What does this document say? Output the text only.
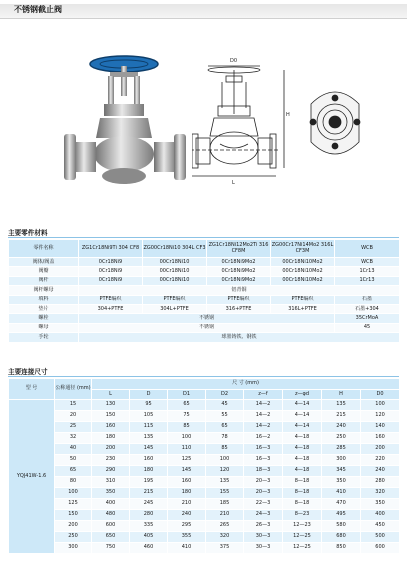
不锈钢截止阀
D0
H
L
主要零件材料
零件名称	ZG1Cr18Ni9Ti 304 CF8	ZG00Cr18Ni10 304L CF3	ZG1Cr18Ni12Mo2Ti 316 CF8M	ZG00Cr17Ni14Mo2 316L CF3M	WCB
阀体/阀盖	0Cr18Ni9	00Cr18Ni10	0Cr18Ni9Mo2	00Cr18Ni10Mo2	WCB
阀瓣	0Cr18Ni9	00Cr18Ni10	0Cr18Ni9Mo2	00Cr18Ni10Mo2	1Cr13
阀杆	0Cr18Ni9	00Cr18Ni10	0Cr18Ni9Mo2	00Cr18Ni10Mo2	1Cr13
阀杆螺母	铝青铜				
填料	PTFE编织	PTFE编织	PTFE编织	PTFE编织	石墨
垫片	304+PTFE	304L+PTFE	316+PTFE	316L+PTFE	石墨+304
螺栓	不锈钢				35CrMoA
螺母	不锈钢				45
手轮	球墨铸铁、钢铁				
主要连接尺寸
型 号	公称通径 (mm)	尺 寸 (mm)							
		L	D	D1	D2	z—f	z—φd	H	D0
YQJ41W-1.6	15	130	95	65	45	14—2	4—14	135	100
	20	150	105	75	55	14—2	4—14	215	120
	25	160	115	85	65	14—2	4—14	240	140
	32	180	135	100	78	16—2	4—18	250	160
	40	200	145	110	85	16—3	4—18	285	200
	50	230	160	125	100	16—3	4—18	300	220
	65	290	180	145	120	18—3	4—18	345	240
	80	310	195	160	135	20—3	8—18	350	280
	100	350	215	180	155	20—3	8—18	410	320
	125	400	245	210	185	22—3	8—18	470	350
	150	480	280	240	210	24—3	8—23	495	400
	200	600	335	295	265	26—3	12—23	580	450
	250	650	405	355	320	30—3	12—25	680	500
	300	750	460	410	375	30—3	12—25	850	600
